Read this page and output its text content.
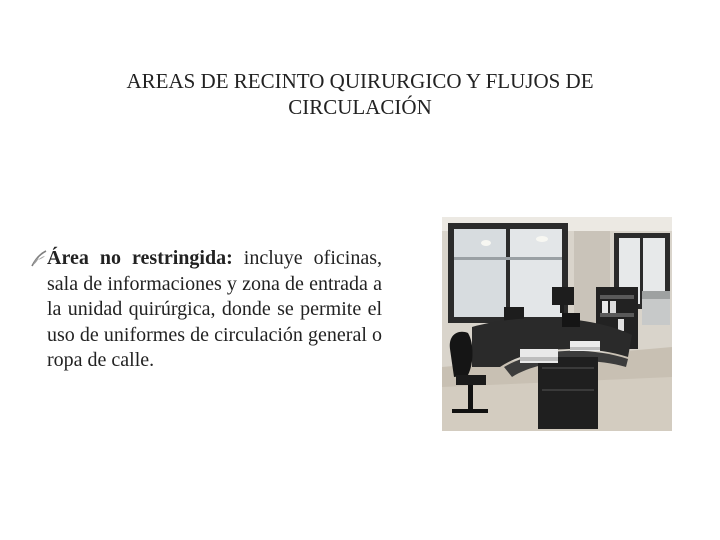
AREAS DE RECINTO QUIRURGICO Y FLUJOS DE
CIRCULACIÓN
Área no restringida: incluye oficinas, sala de informaciones y zona de entrada a la unidad quirúrgica, donde se permite el uso de uniformes de circulación general o ropa de calle.
